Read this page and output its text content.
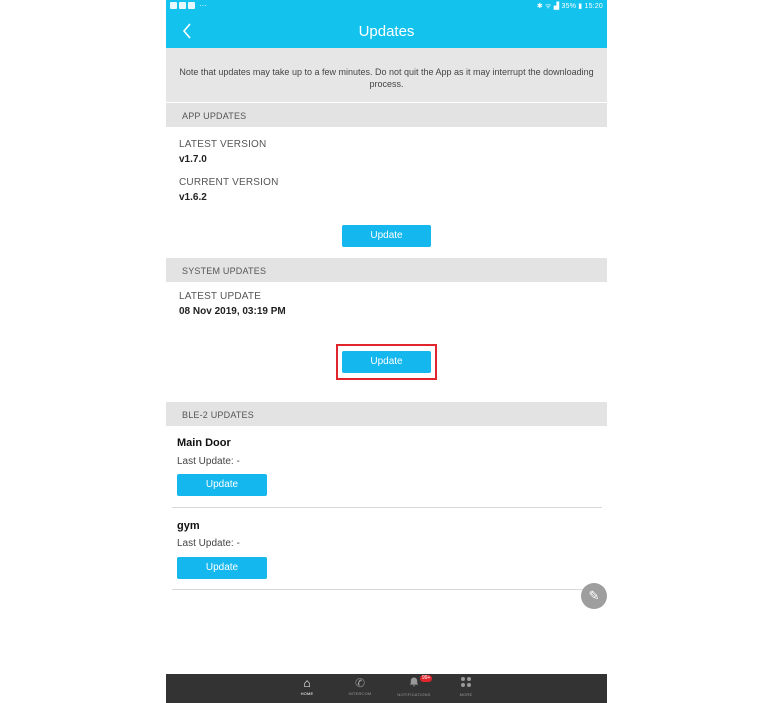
···	✱ ᯤ ▟ 35% ▮ 15:20
Updates
Note that updates may take up to a few minutes. Do not quit the App as it may interrupt the downloading process.
APP UPDATES
LATEST VERSION
v1.7.0
CURRENT VERSION
v1.6.2
Update
SYSTEM UPDATES
LATEST UPDATE
08 Nov 2019, 03:19 PM
Update
BLE-2 UPDATES
Main Door
Last Update: -
Update
gym
Last Update: -
Update
✎
⌂
HOME
✆
INTERCOM
99+
NOTIFICATIONS	MORE
